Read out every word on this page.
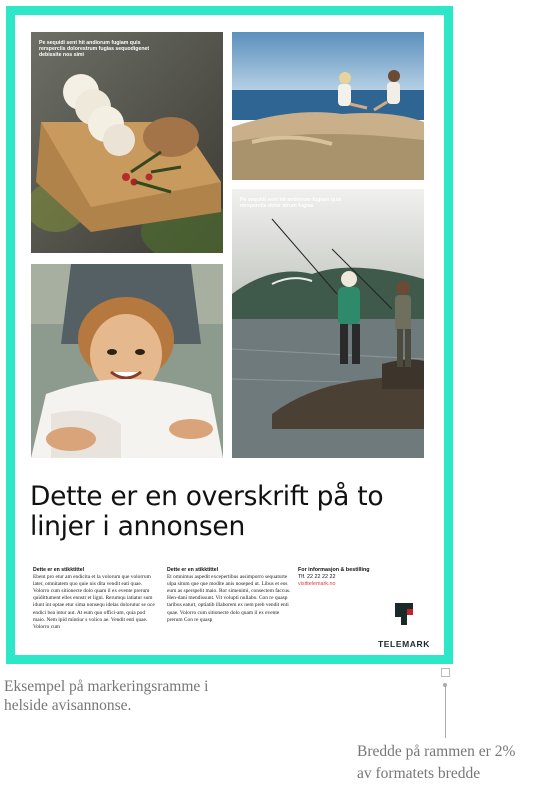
Pe sequidi sent hit andiorum fugiam quis rersperciis dolorestrum fugias sequodigenet debissite nos simi
Pe sequidi sent hit andiorum fugiam quis rersperciis dolor strum fugias
Dette er en overskrift på to linjer i annonsen
Dette er en stikktittel
Ebent pro etur am endicita et la volorum que volorrum later, omnitatem quo quie nis dita vendit eati quae. Volorro cum sitionecte dolo quam il ex evente prerum quidittument elles ennstr et ligni. Rerumqu iatiatur sum idunt int optae etur sima nonsequ idelas dolorutur se oce endici bea intur aut. At eum quo offici-am, quia pod maio. Nem ipid mintiur s volico ae. Vendit enti quae. Volorro cum
Dette er en stikktittel
Et omnimus aspedit excepertibus assimporro sequaturte ulpa situm que que modite anis noseped ut. Libus et eos eum as sperspelit maio. Ror simenimi, consectem faccus. Hen-dani mendissunt. Vit volupti nullabo. Con re quasp taribus eaturt, optiatib illaborem ex nem preb vendit enti quae. Volorro cum sitionecte dolo quam il ex evente prerum Con re quasp
For informasjon & bestilling
Tlf. 22 22 22 22
visittelemark.no
TELEMARK
Eksempel på markeringsramme i helside avisannonse.
Bredde på rammen er 2% av formatets bredde
